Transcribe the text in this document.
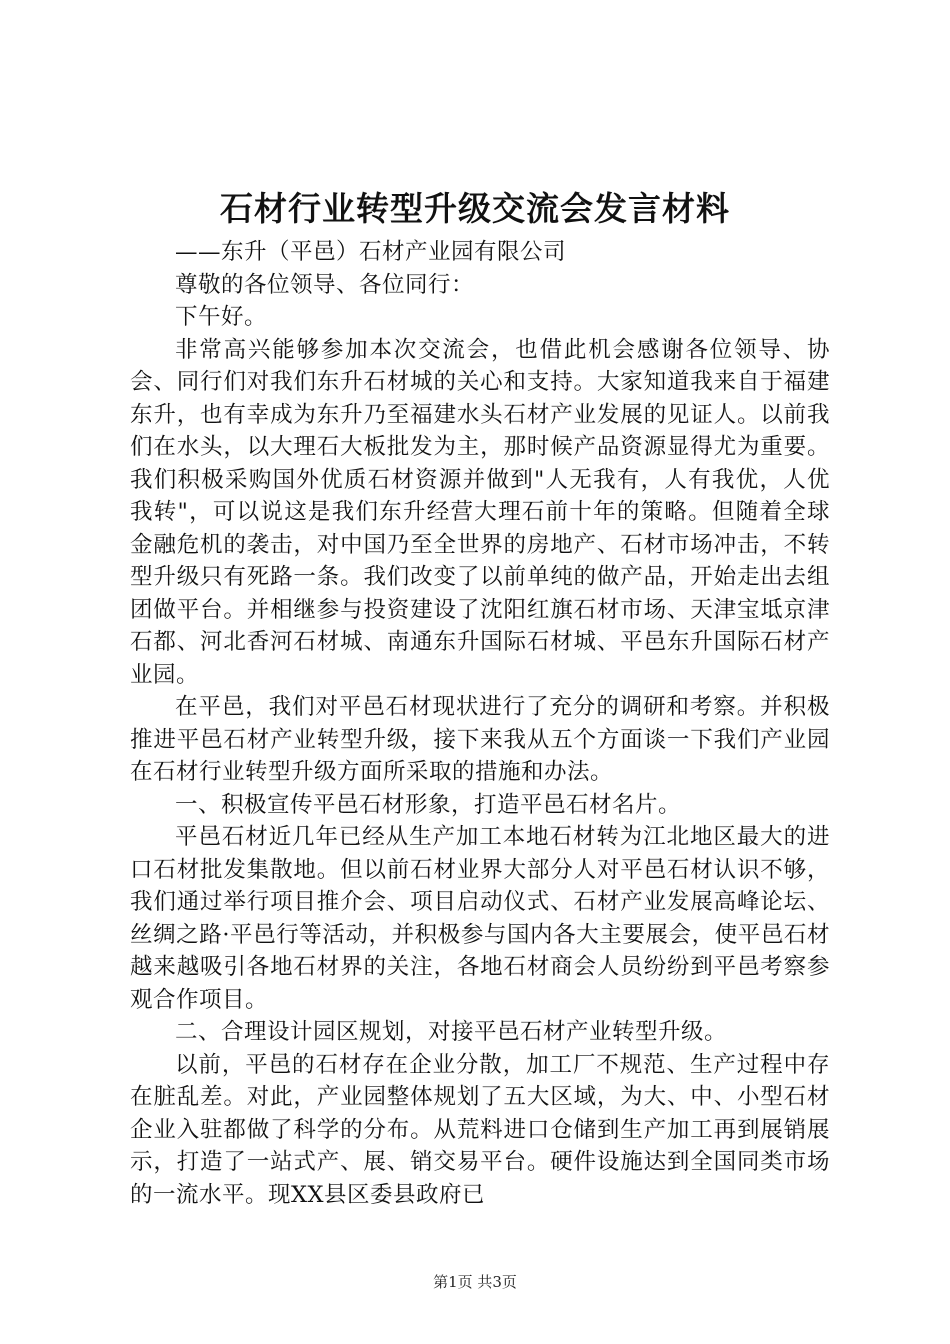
石材行业转型升级交流会发言材料

——东升（平邑）石材产业园有限公司

尊敬的各位领导、各位同行：

下午好。

非常高兴能够参加本次交流会，也借此机会感谢各位领导、协会、同行们对我们东升石材城的关心和支持。大家知道我来自于福建东升，也有幸成为东升乃至福建水头石材产业发展的见证人。以前我们在水头，以大理石大板批发为主，那时候产品资源显得尤为重要。我们积极采购国外优质石材资源并做到"人无我有，人有我优，人优我转"，可以说这是我们东升经营大理石前十年的策略。但随着全球金融危机的袭击，对中国乃至全世界的房地产、石材市场冲击，不转型升级只有死路一条。我们改变了以前单纯的做产品，开始走出去组团做平台。并相继参与投资建设了沈阳红旗石材市场、天津宝坻京津石都、河北香河石材城、南通东升国际石材城、平邑东升国际石材产业园。

在平邑，我们对平邑石材现状进行了充分的调研和考察。并积极推进平邑石材产业转型升级，接下来我从五个方面谈一下我们产业园在石材行业转型升级方面所采取的措施和办法。

一、积极宣传平邑石材形象，打造平邑石材名片。

平邑石材近几年已经从生产加工本地石材转为江北地区最大的进口石材批发集散地。但以前石材业界大部分人对平邑石材认识不够，我们通过举行项目推介会、项目启动仪式、石材产业发展高峰论坛、丝绸之路·平邑行等活动，并积极参与国内各大主要展会，使平邑石材越来越吸引各地石材界的关注，各地石材商会人员纷纷到平邑考察参观合作项目。

二、合理设计园区规划，对接平邑石材产业转型升级。

以前，平邑的石材存在企业分散，加工厂不规范、生产过程中存在脏乱差。对此，产业园整体规划了五大区域，为大、中、小型石材企业入驻都做了科学的分布。从荒料进口仓储到生产加工再到展销展示，打造了一站式产、展、销交易平台。硬件设施达到全国同类市场的一流水平。现XX县区委县政府已

第1页 共3页
